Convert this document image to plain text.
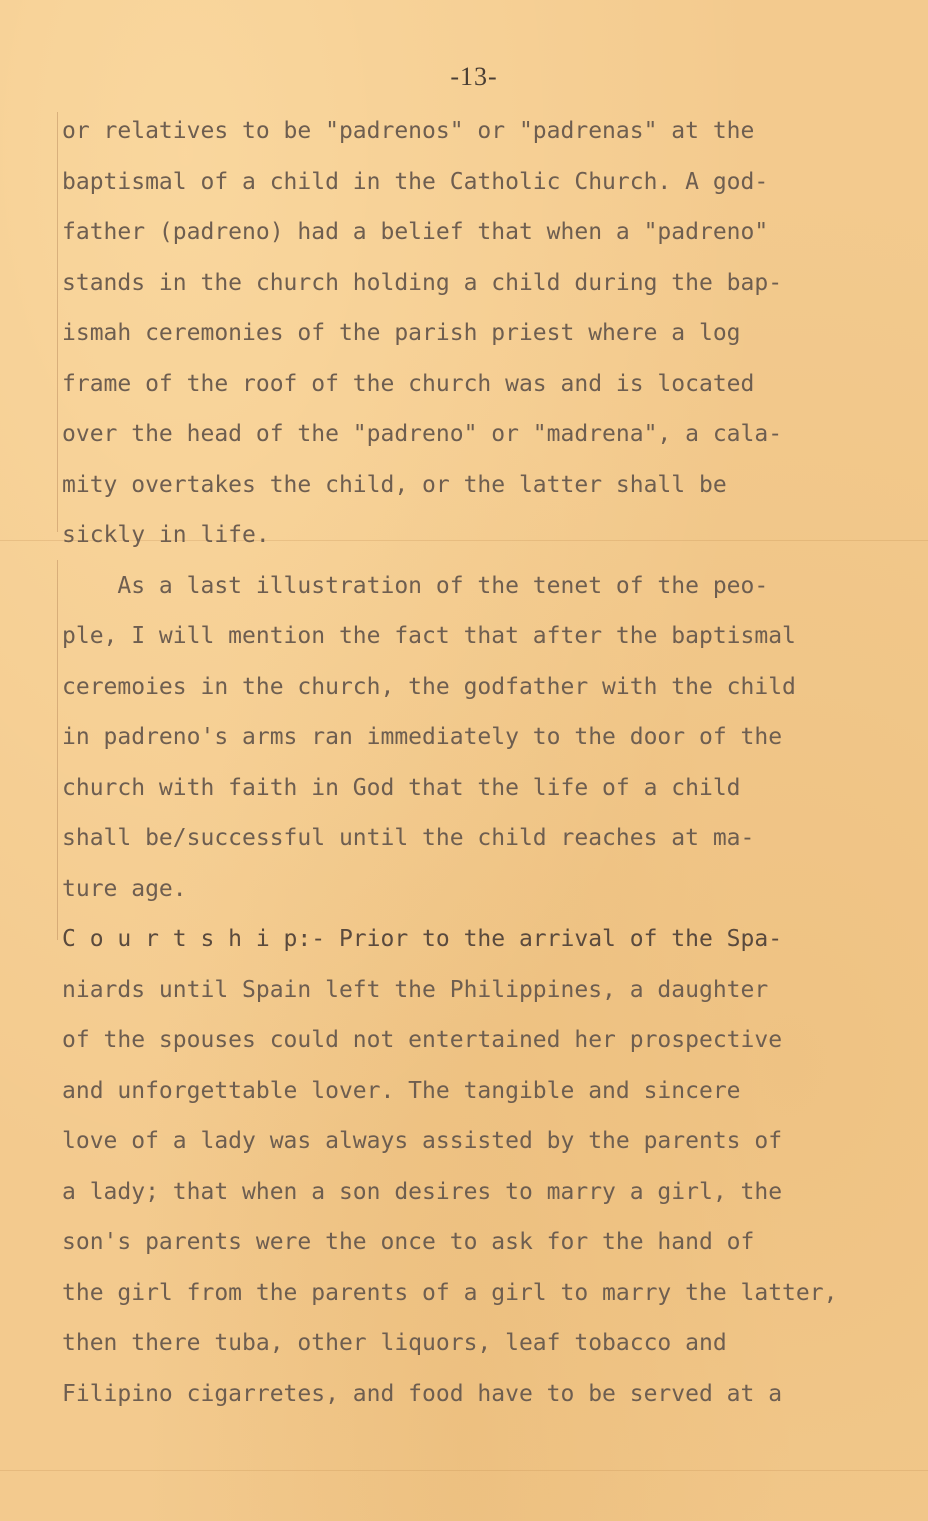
-13-
or relatives to be "padrenos" or "padrenas" at the
baptismal of a child in the Catholic Church. A god-
father (padreno) had a belief that when a "padreno"
stands in the church holding a child during the bap-
ismah ceremonies of the parish priest where a log
frame of the roof of the church was and is located
over the head of the "padreno" or "madrena", a cala-
mity overtakes the child, or the latter shall be
sickly in life.
As a last illustration of the tenet of the peo-
ple, I will mention the fact that after the baptismal
ceremoies in the church, the godfather with the child
in padreno's arms ran immediately to the door of the
church with faith in God that the life of a child
shall be/successful until the child reaches at ma-
ture age.
C o u r t s h i p:- Prior to the arrival of the Spa-
niards until Spain left the Philippines, a daughter
of the spouses could not entertained her prospective
and unforgettable lover. The tangible and sincere
love of a lady was always assisted by the parents of
a lady; that when a son desires to marry a girl, the
son's parents were the once to ask for the hand of
the girl from the parents of a girl to marry the latter,
then there tuba, other liquors, leaf tobacco and
Filipino cigarretes, and food have to be served at a
